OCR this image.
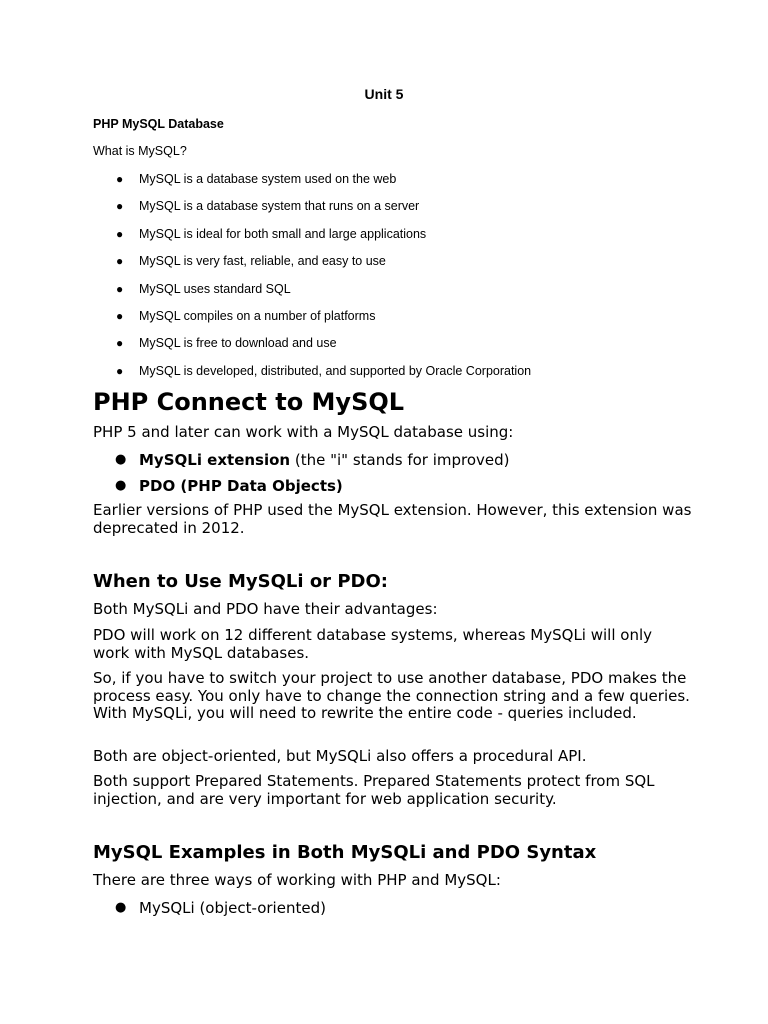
Unit 5
PHP MySQL Database
What is MySQL?
● MySQL is a database system used on the web
● MySQL is a database system that runs on a server
● MySQL is ideal for both small and large applications
● MySQL is very fast, reliable, and easy to use
● MySQL uses standard SQL
● MySQL compiles on a number of platforms
● MySQL is free to download and use
● MySQL is developed, distributed, and supported by Oracle Corporation
PHP Connect to MySQL
PHP 5 and later can work with a MySQL database using:
● MySQLi extension (the "i" stands for improved)
● PDO (PHP Data Objects)
Earlier versions of PHP used the MySQL extension. However, this extension was deprecated in 2012.
When to Use MySQLi or PDO:
Both MySQLi and PDO have their advantages:
PDO will work on 12 different database systems, whereas MySQLi will only work with MySQL databases.
So, if you have to switch your project to use another database, PDO makes the process easy. You only have to change the connection string and a few queries. With MySQLi, you will need to rewrite the entire code - queries included.
Both are object-oriented, but MySQLi also offers a procedural API.
Both support Prepared Statements. Prepared Statements protect from SQL injection, and are very important for web application security.
MySQL Examples in Both MySQLi and PDO Syntax
There are three ways of working with PHP and MySQL:
● MySQLi (object-oriented)
